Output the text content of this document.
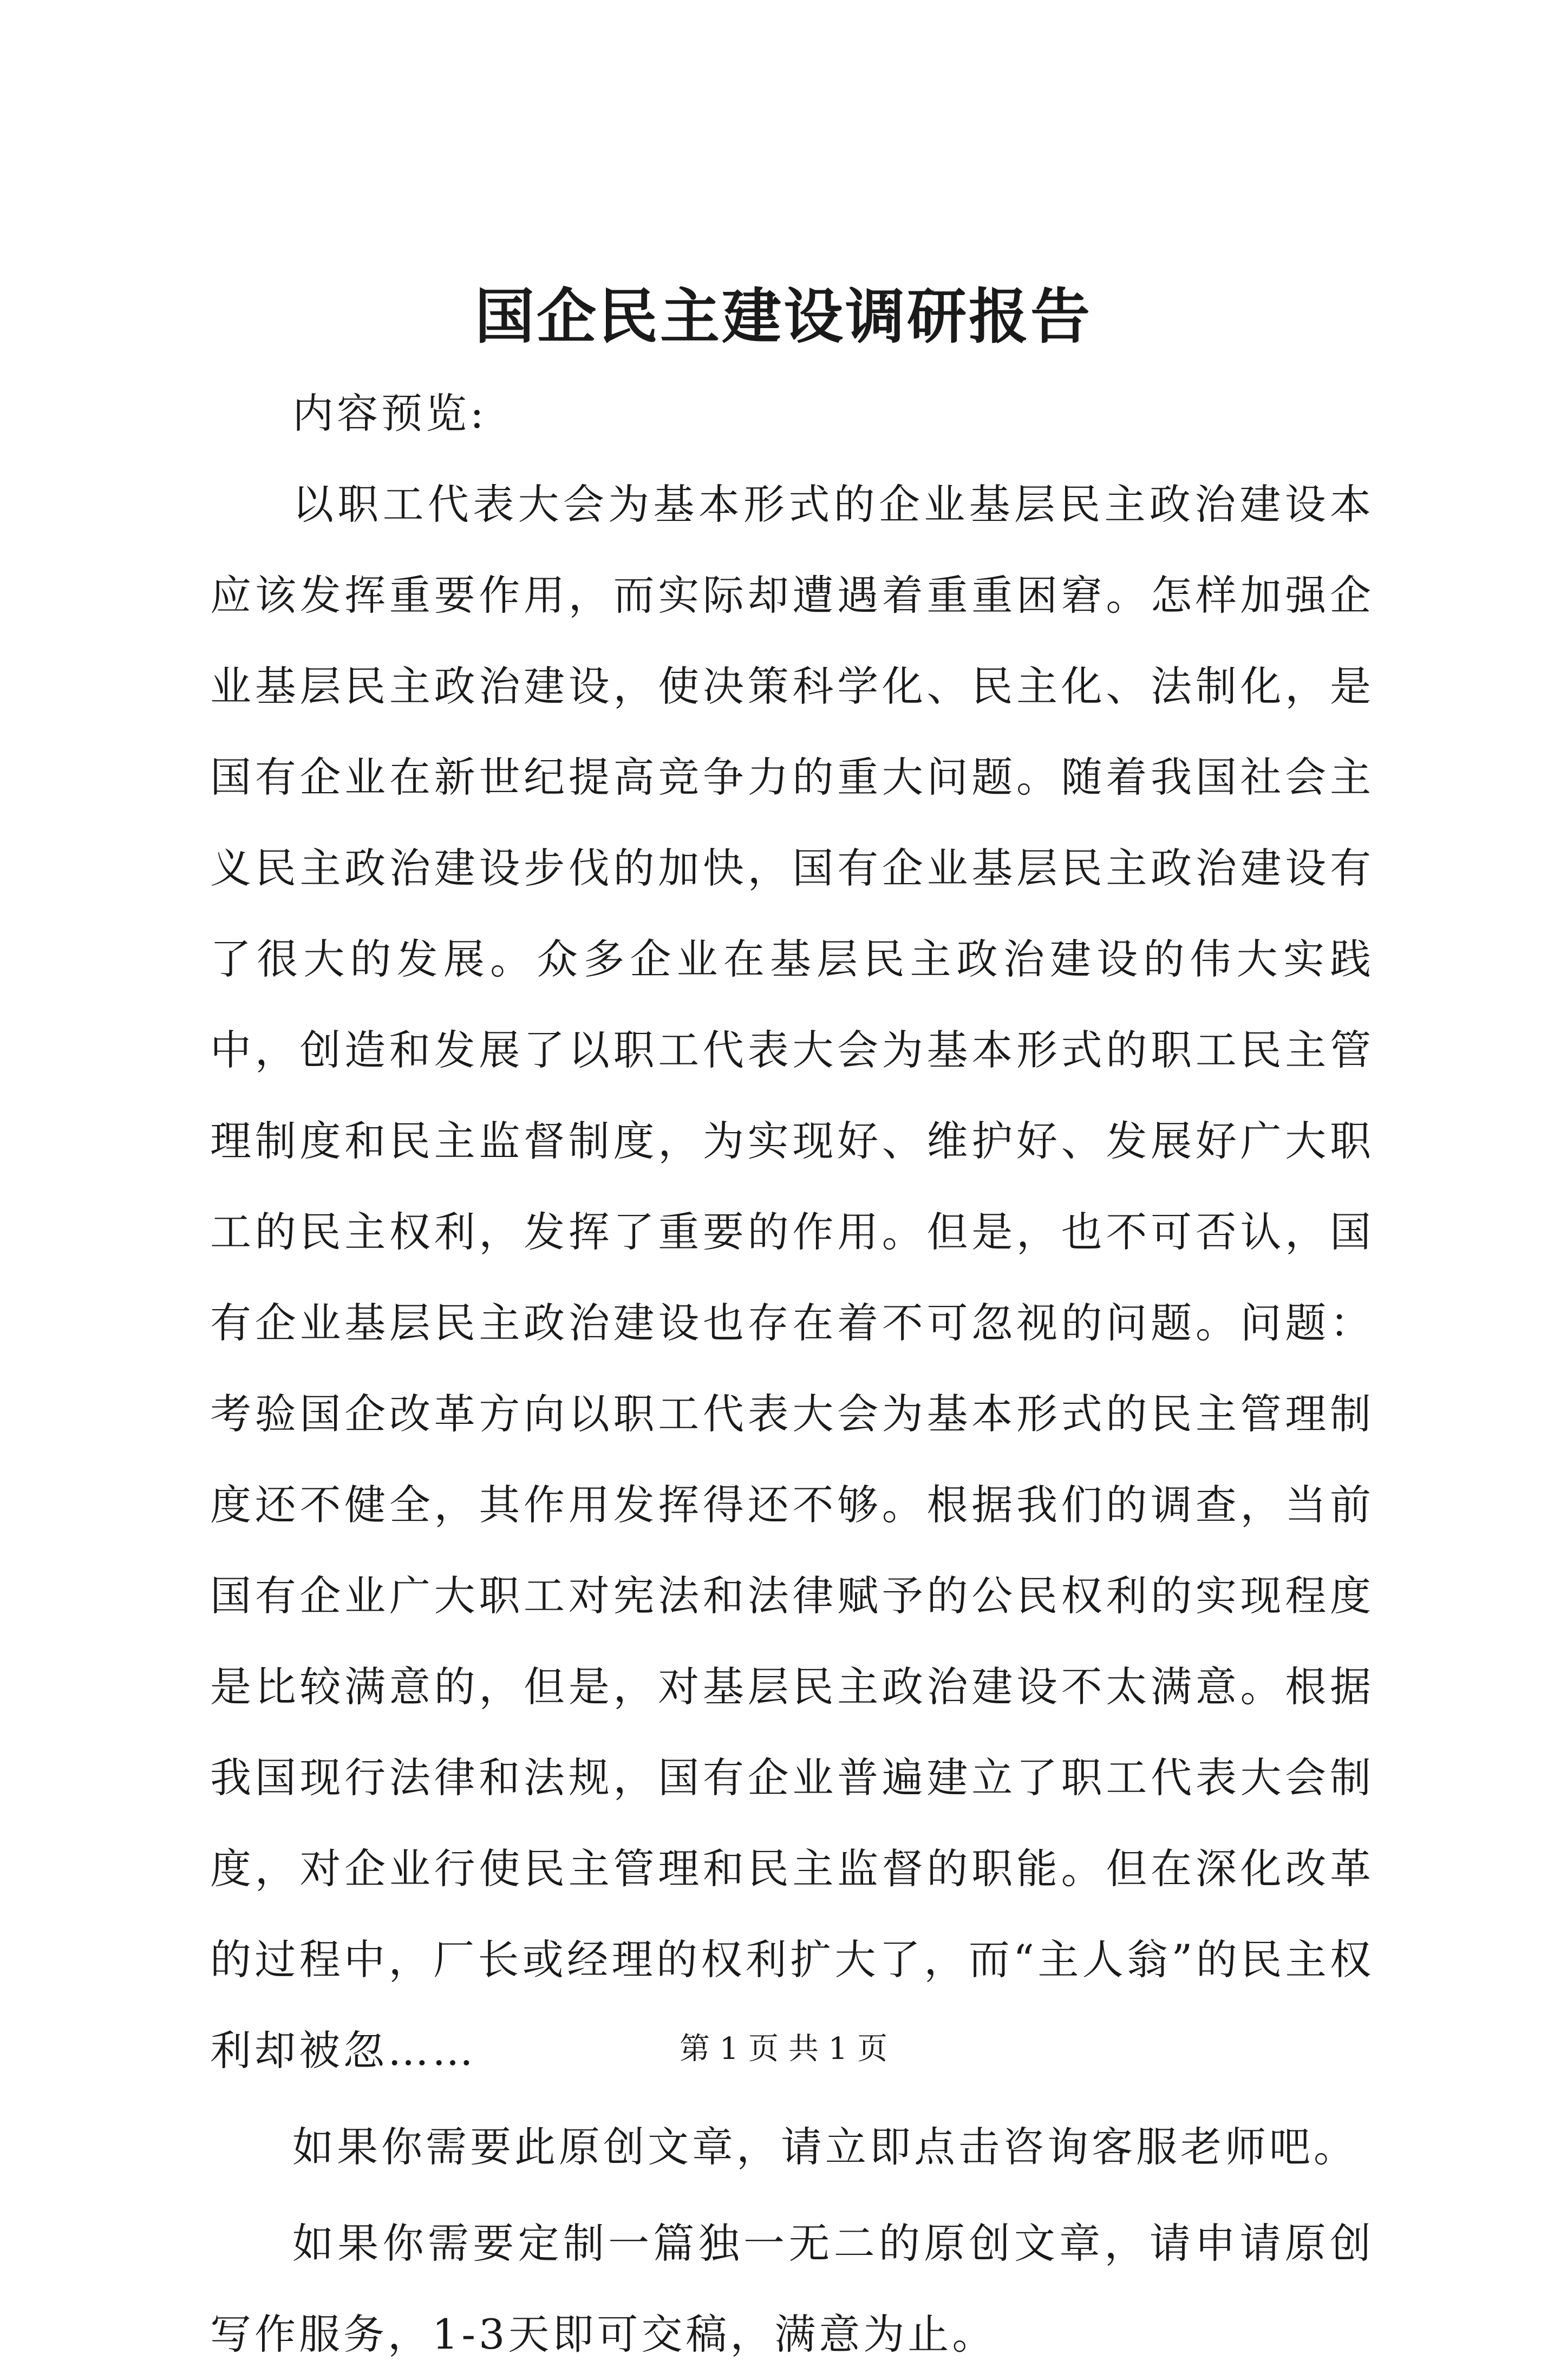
国企民主建设调研报告

内容预览:

以职工代表大会为基本形式的企业基层民主政治建设本应该发挥重要作用，而实际却遭遇着重重困窘。怎样加强企业基层民主政治建设，使决策科学化、民主化、法制化，是国有企业在新世纪提高竞争力的重大问题。随着我国社会主义民主政治建设步伐的加快，国有企业基层民主政治建设有了很大的发展。众多企业在基层民主政治建设的伟大实践中，创造和发展了以职工代表大会为基本形式的职工民主管理制度和民主监督制度，为实现好、维护好、发展好广大职工的民主权利，发挥了重要的作用。但是，也不可否认，国有企业基层民主政治建设也存在着不可忽视的问题。问题：考验国企改革方向以职工代表大会为基本形式的民主管理制度还不健全，其作用发挥得还不够。根据我们的调查，当前国有企业广大职工对宪法和法律赋予的公民权利的实现程度是比较满意的，但是，对基层民主政治建设不太满意。根据我国现行法律和法规，国有企业普遍建立了职工代表大会制度，对企业行使民主管理和民主监督的职能。但在深化改革的过程中，厂长或经理的权利扩大了，而“主人翁”的民主权利却被忽……

如果你需要此原创文章，请立即点击咨询客服老师吧。

如果你需要定制一篇独一无二的原创文章，请申请原创写作服务，1-3天即可交稿，满意为止。

第 1 页 共 1 页
